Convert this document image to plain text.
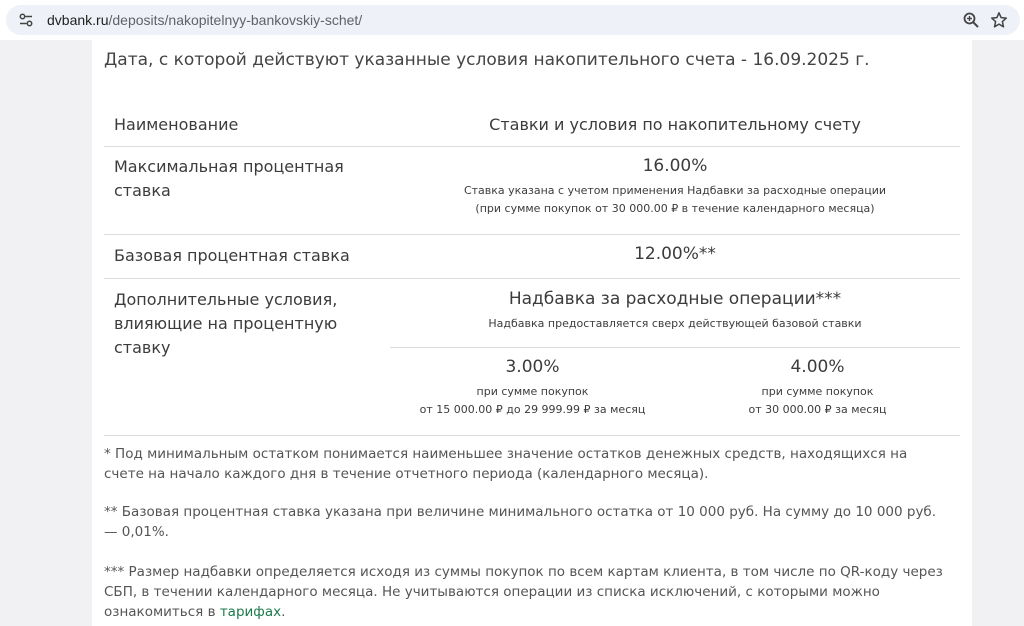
dvbank.ru/deposits/nakopitelnyy-bankovskiy-schet/
Дата, с которой действуют указанные условия накопительного счета - 16.09.2025 г.
Наименование	Ставки и условия по накопительному счету
Максимальная процентная
ставка
16.00%
Ставка указана с учетом применения Надбавки за расходные операции
(при сумме покупок от 30 000.00 ₽ в течение календарного месяца)
Базовая процентная ставка	12.00%**
Дополнительные условия,
влияющие на процентную
ставку
Надбавка за расходные операции***
Надбавка предоставляется сверх действующей базовой ставки
3.00%
при сумме покупок
от 15 000.00 ₽ до 29 999.99 ₽ за месяц
4.00%
при сумме покупок
от 30 000.00 ₽ за месяц
* Под минимальным остатком понимается наименьшее значение остатков денежных средств, находящихся на счете на начало каждого дня в течение отчетного периода (календарного месяца).
** Базовая процентная ставка указана при величине минимального остатка от 10 000 руб. На сумму до 10 000 руб. — 0,01%.
*** Размер надбавки определяется исходя из суммы покупок по всем картам клиента, в том числе по QR-коду через СБП, в течении календарного месяца. Не учитываются операции из списка исключений, с которыми можно ознакомиться в тарифах.
